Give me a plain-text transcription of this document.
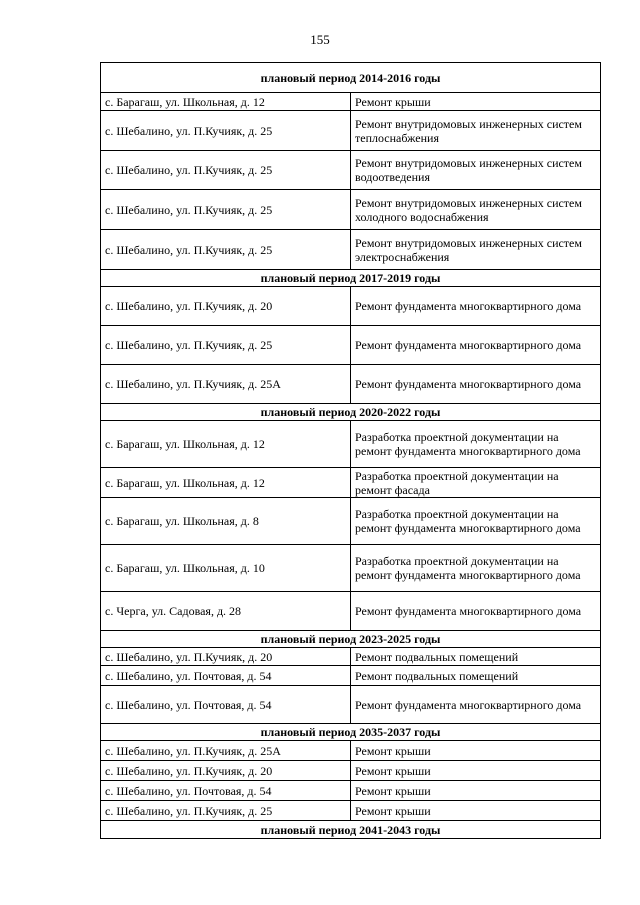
155
плановый период 2014-2016 годы	
с. Барагаш, ул. Школьная, д. 12	Ремонт крыши
с. Шебалино, ул. П.Кучияк, д. 25	Ремонт внутридомовых инженерных систем теплоснабжения
с. Шебалино, ул. П.Кучияк, д. 25	Ремонт внутридомовых инженерных систем водоотведения
с. Шебалино, ул. П.Кучияк, д. 25	Ремонт внутридомовых инженерных систем холодного водоснабжения
с. Шебалино, ул. П.Кучияк, д. 25	Ремонт внутридомовых инженерных систем электроснабжения
плановый период 2017-2019 годы	
с. Шебалино, ул. П.Кучияк, д. 20	Ремонт фундамента многоквартирного дома
с. Шебалино, ул. П.Кучияк, д. 25	Ремонт фундамента многоквартирного дома
с. Шебалино, ул. П.Кучияк, д. 25А	Ремонт фундамента многоквартирного дома
плановый период 2020-2022 годы	
с. Барагаш, ул. Школьная, д. 12	Разработка проектной документации на ремонт фундамента многоквартирного дома
с. Барагаш, ул. Школьная, д. 12	Разработка проектной документации на ремонт фасада
с. Барагаш, ул. Школьная, д. 8	Разработка проектной документации на ремонт фундамента многоквартирного дома
с. Барагаш, ул. Школьная, д. 10	Разработка проектной документации на ремонт фундамента многоквартирного дома
с. Черга, ул. Садовая, д. 28	Ремонт фундамента многоквартирного дома
плановый период 2023-2025 годы	
с. Шебалино, ул. П.Кучияк, д. 20	Ремонт подвальных помещений
с. Шебалино, ул. Почтовая, д. 54	Ремонт подвальных помещений
с. Шебалино, ул. Почтовая, д. 54	Ремонт фундамента многоквартирного дома
плановый период 2035-2037 годы	
с. Шебалино, ул. П.Кучияк, д. 25А	Ремонт крыши
с. Шебалино, ул. П.Кучияк, д. 20	Ремонт крыши
с. Шебалино, ул. Почтовая, д. 54	Ремонт крыши
с. Шебалино, ул. П.Кучияк, д. 25	Ремонт крыши
плановый период 2041-2043 годы	
